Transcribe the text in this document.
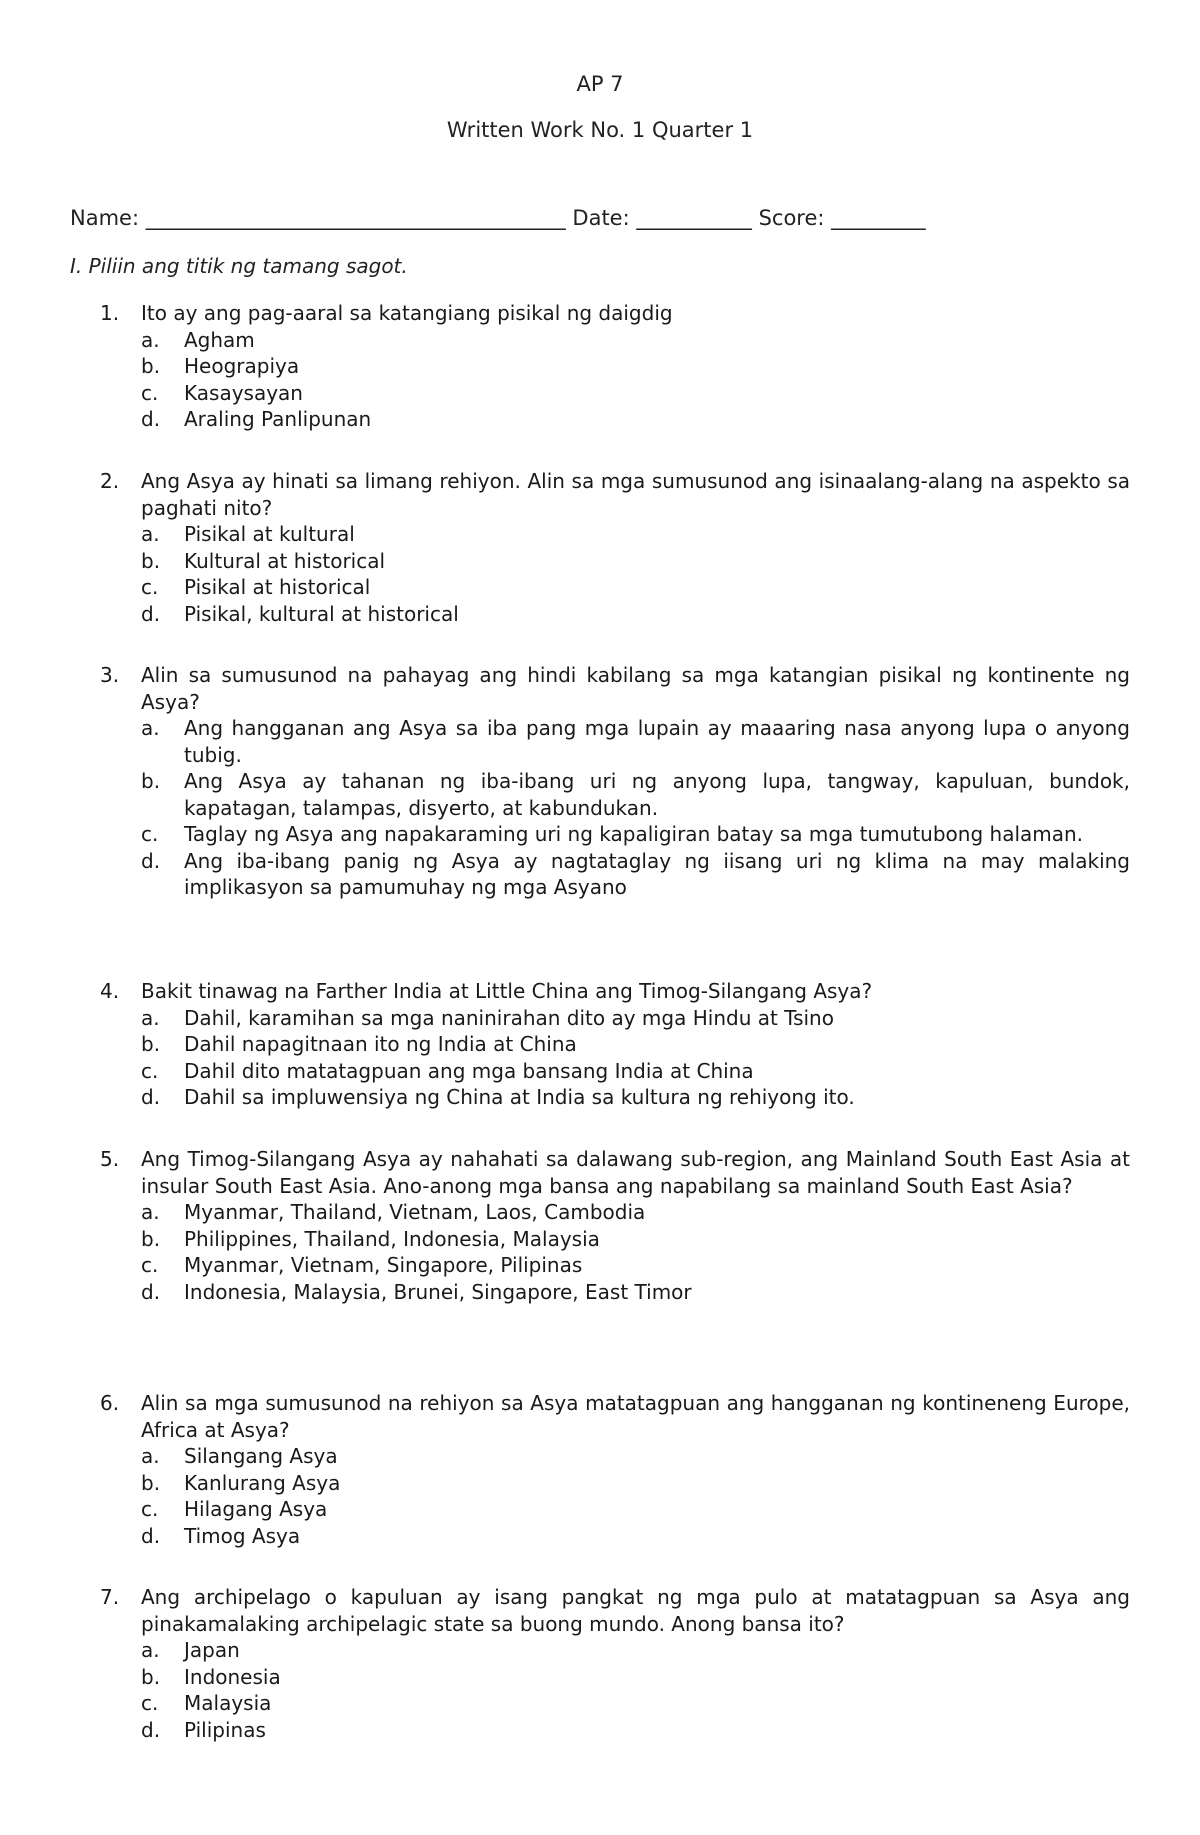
AP 7
Written Work No. 1 Quarter 1
Name: ________________________________________ Date: ___________ Score: _________
I. Piliin ang titik ng tamang sagot.
1.	Ito ay ang pag-aaral sa katangiang pisikal ng daigdig
a.	Agham
b.	Heograpiya
c.	Kasaysayan
d.	Araling Panlipunan
2.	Ang Asya ay hinati sa limang rehiyon. Alin sa mga sumusunod ang isinaalang-alang na aspekto sa paghati nito?
a.	Pisikal at kultural
b.	Kultural at historical
c.	Pisikal at historical
d.	Pisikal, kultural at historical
3.	Alin sa sumusunod na pahayag ang hindi kabilang sa mga katangian pisikal ng kontinente ng Asya?
a.	Ang hangganan ang Asya sa iba pang mga lupain ay maaaring nasa anyong lupa o anyong tubig.
b.	Ang Asya ay tahanan ng iba-ibang uri ng anyong lupa, tangway, kapuluan, bundok, kapatagan, talampas, disyerto, at kabundukan.
c.	Taglay ng Asya ang napakaraming uri ng kapaligiran batay sa mga tumutubong halaman.
d.	Ang iba-ibang panig ng Asya ay nagtataglay ng iisang uri ng klima na may malaking implikasyon sa pamumuhay ng mga Asyano
4.	Bakit tinawag na Farther India at Little China ang Timog-Silangang Asya?
a.	Dahil, karamihan sa mga naninirahan dito ay mga Hindu at Tsino
b.	Dahil napagitnaan ito ng India at China
c.	Dahil dito matatagpuan ang mga bansang India at China
d.	Dahil sa impluwensiya ng China at India sa kultura ng rehiyong ito.
5.	Ang Timog-Silangang Asya ay nahahati sa dalawang sub-region, ang Mainland South East Asia at insular South East Asia. Ano-anong mga bansa ang napabilang sa mainland South East Asia?
a.	Myanmar, Thailand, Vietnam, Laos, Cambodia
b.	Philippines, Thailand, Indonesia, Malaysia
c.	Myanmar, Vietnam, Singapore, Pilipinas
d.	Indonesia, Malaysia, Brunei, Singapore, East Timor
6.	Alin sa mga sumusunod na rehiyon sa Asya matatagpuan ang hangganan ng kontineneng Europe, Africa at Asya?
a.	Silangang Asya
b.	Kanlurang Asya
c.	Hilagang Asya
d.	Timog Asya
7.	Ang archipelago o kapuluan ay isang pangkat ng mga pulo at matatagpuan sa Asya ang pinakamalaking archipelagic state sa buong mundo. Anong bansa ito?
a.	Japan
b.	Indonesia
c.	Malaysia
d.	Pilipinas
